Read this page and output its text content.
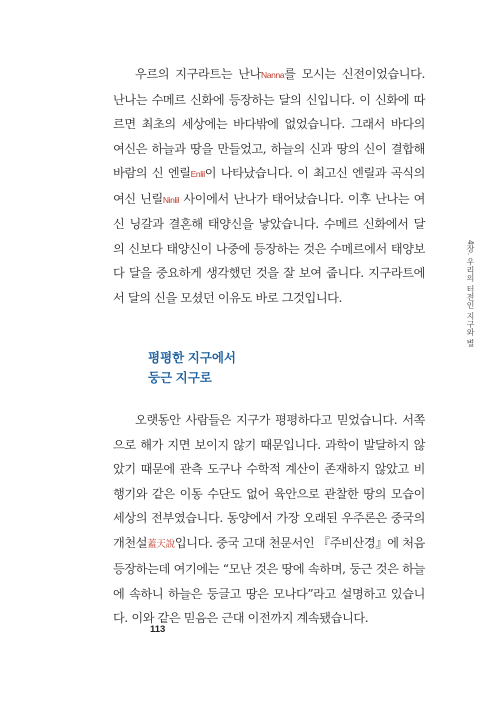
4장. 우리의 터전인 지구와 별

우르의 지구라트는 난나Nanna를 모시는 신전이었습니다. 난나는 수메르 신화에 등장하는 달의 신입니다. 이 신화에 따르면 최초의 세상에는 바다밖에 없었습니다. 그래서 바다의 여신은 하늘과 땅을 만들었고, 하늘의 신과 땅의 신이 결합해 바람의 신 엔릴Enlil이 나타났습니다. 이 최고신 엔릴과 곡식의 여신 닌릴Ninlil 사이에서 난나가 태어났습니다. 이후 난나는 여신 닝갈과 결혼해 태양신을 낳았습니다. 수메르 신화에서 달의 신보다 태양신이 나중에 등장하는 것은 수메르에서 태양보다 달을 중요하게 생각했던 것을 잘 보여 줍니다. 지구라트에서 달의 신을 모셨던 이유도 바로 그것입니다.

평평한 지구에서
둥근 지구로

오랫동안 사람들은 지구가 평평하다고 믿었습니다. 서쪽으로 해가 지면 보이지 않기 때문입니다. 과학이 발달하지 않았기 때문에 관측 도구나 수학적 계산이 존재하지 않았고 비행기와 같은 이동 수단도 없어 육안으로 관찰한 땅의 모습이 세상의 전부였습니다. 동양에서 가장 오래된 우주론은 중국의 개천설蓋天說입니다. 중국 고대 천문서인 『주비산경』에 처음 등장하는데 여기에는 “모난 것은 땅에 속하며, 둥근 것은 하늘에 속하니 하늘은 둥글고 땅은 모나다”라고 설명하고 있습니다. 이와 같은 믿음은 근대 이전까지 계속됐습니다.

113
